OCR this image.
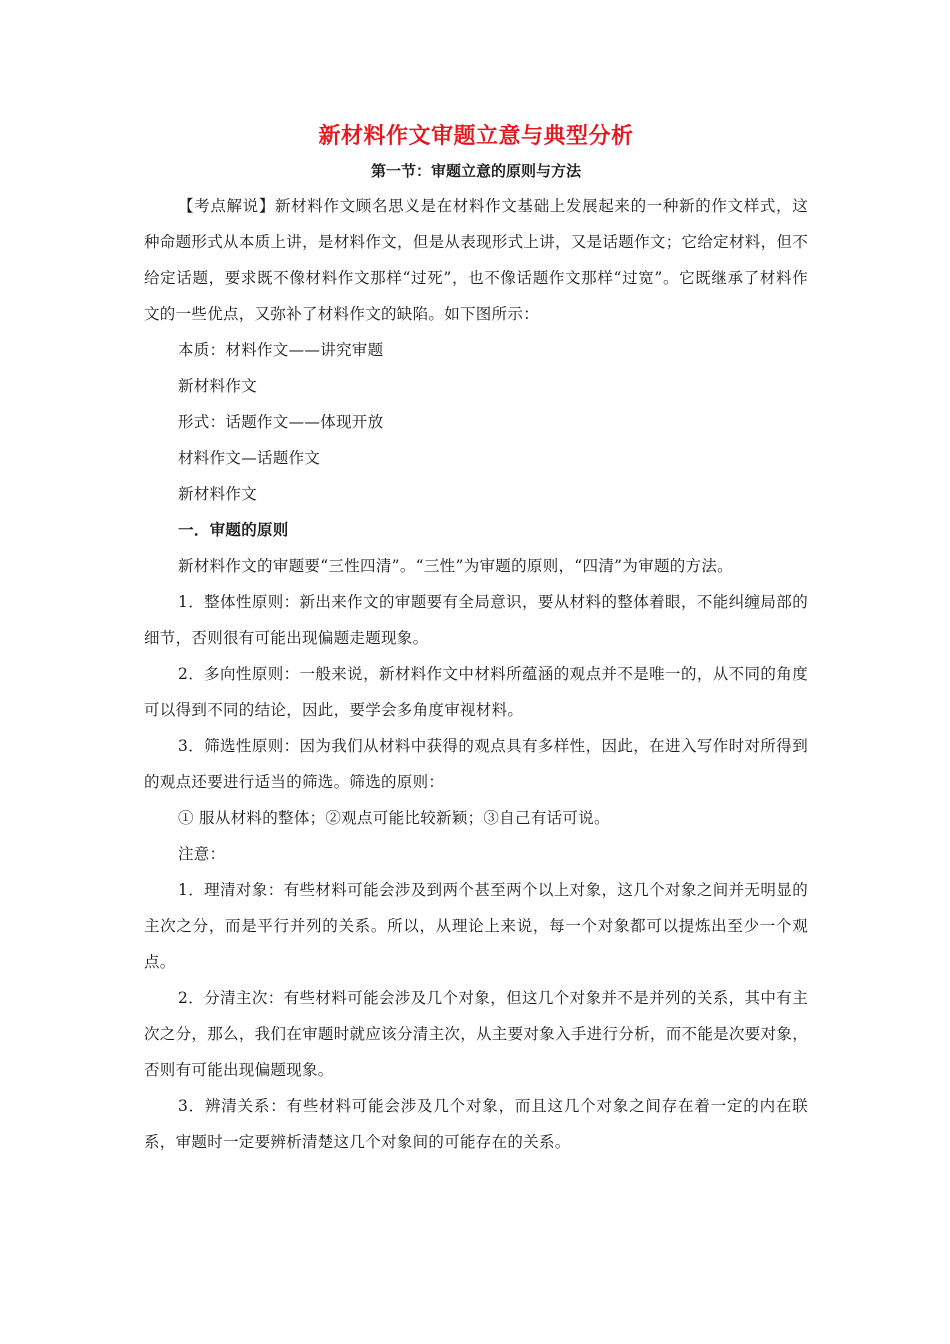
新材料作文审题立意与典型分析
第一节：审题立意的原则与方法

【考点解说】新材料作文顾名思义是在材料作文基础上发展起来的一种新的作文样式，这种命题形式从本质上讲，是材料作文，但是从表现形式上讲，又是话题作文；它给定材料，但不给定话题，要求既不像材料作文那样“过死”，也不像话题作文那样“过宽”。它既继承了材料作文的一些优点，又弥补了材料作文的缺陷。如下图所示：

本质：材料作文——讲究审题

新材料作文

形式：话题作文——体现开放

材料作文—话题作文

新材料作文

一．审题的原则

新材料作文的审题要“三性四清”。“三性”为审题的原则，“四清”为审题的方法。

1．整体性原则：新出来作文的审题要有全局意识，要从材料的整体着眼，不能纠缠局部的细节，否则很有可能出现偏题走题现象。

2．多向性原则：一般来说，新材料作文中材料所蕴涵的观点并不是唯一的，从不同的角度可以得到不同的结论，因此，要学会多角度审视材料。

3．筛选性原则：因为我们从材料中获得的观点具有多样性，因此，在进入写作时对所得到的观点还要进行适当的筛选。筛选的原则：

① 服从材料的整体；②观点可能比较新颖；③自己有话可说。

注意：

1．理清对象：有些材料可能会涉及到两个甚至两个以上对象，这几个对象之间并无明显的主次之分，而是平行并列的关系。所以，从理论上来说，每一个对象都可以提炼出至少一个观点。

2．分清主次：有些材料可能会涉及几个对象，但这几个对象并不是并列的关系，其中有主次之分，那么，我们在审题时就应该分清主次，从主要对象入手进行分析，而不能是次要对象，否则有可能出现偏题现象。

3．辨清关系：有些材料可能会涉及几个对象，而且这几个对象之间存在着一定的内在联系，审题时一定要辨析清楚这几个对象间的可能存在的关系。
